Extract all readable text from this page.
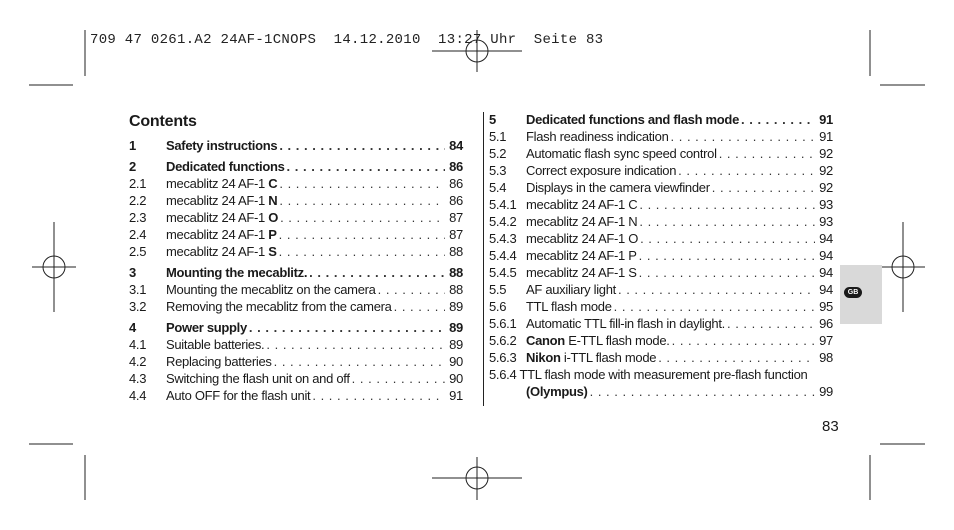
709 47 0261.A2 24AF-1CNOPS  14.12.2010  13:27 Uhr  Seite 83
Contents
1	Safety instructions . . .	84
2	Dedicated functions . . .	86
2.1	mecablitz 24 AF-1 C . . .	86
2.2	mecablitz 24 AF-1 N . . .	86
2.3	mecablitz 24 AF-1 O . . .	87
2.4	mecablitz 24 AF-1 P . . .	87
2.5	mecablitz 24 AF-1 S . . .	88
3	Mounting the mecablitz. . . .	88
3.1	Mounting the mecablitz on the camera . . .	88
3.2	Removing the mecablitz from the camera . . .	89
4	Power supply . . .	89
4.1	Suitable batteries. . . .	89
4.2	Replacing batteries . . .	90
4.3	Switching the flash unit on and off . . .	90
4.4	Auto OFF for the flash unit . . .	91
5	Dedicated functions and flash mode . . .	91
5.1	Flash readiness indication . . .	91
5.2	Automatic flash sync speed control . . .	92
5.3	Correct exposure indication . . .	92
5.4	Displays in the camera viewfinder . . .	92
5.4.1 mecablitz 24 AF-1 C . . .	93
5.4.2 mecablitz 24 AF-1 N . . .	93
5.4.3 mecablitz 24 AF-1 O . . .	94
5.4.4 mecablitz 24 AF-1 P . . .	94
5.4.5 mecablitz 24 AF-1 S . . .	94
5.5	AF auxiliary light . . .	94
5.6	TTL flash mode . . .	95
5.6.1 Automatic TTL fill-in flash in daylight. . . .	96
5.6.2 Canon E-TTL flash mode. . . .	97
5.6.3 Nikon i-TTL flash mode . . .	98
5.6.4 TTL flash mode with measurement pre-flash function
(Olympus) . . .	99
GB
83
